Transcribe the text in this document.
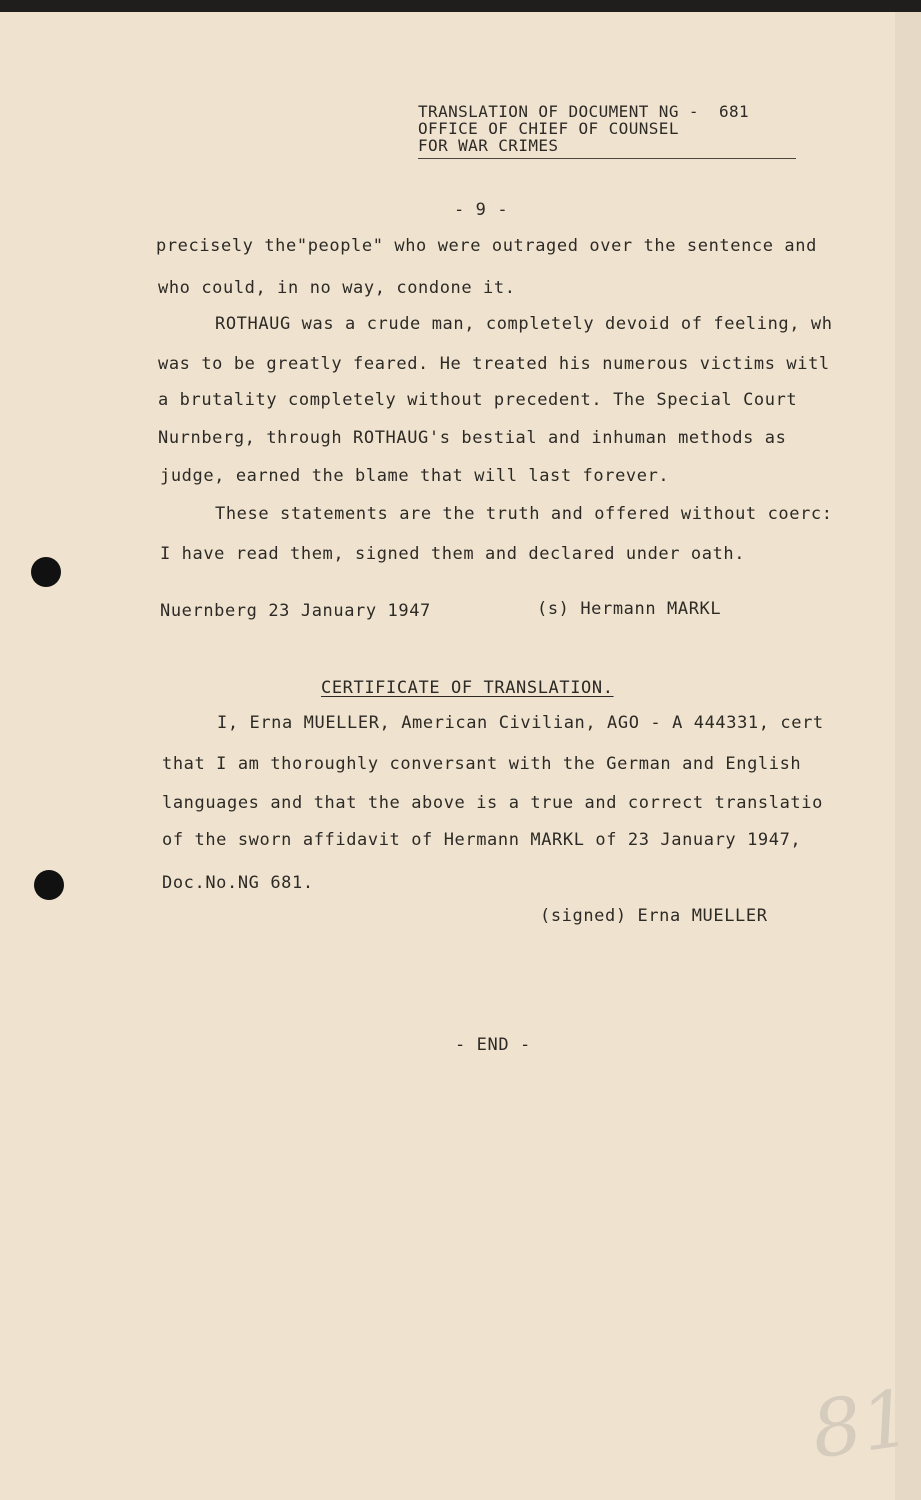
TRANSLATION OF DOCUMENT NG -  681
OFFICE OF CHIEF OF COUNSEL
FOR WAR CRIMES
- 9 -
precisely the"people" who were outraged over the sentence and
who could, in no way, condone it.
ROTHAUG was a crude man, completely devoid of feeling, wh
was to be greatly feared. He treated his numerous victims witl
a brutality completely without precedent. The Special Court
Nurnberg, through ROTHAUG's bestial and inhuman methods as
judge, earned the blame that will last forever.
These statements are the truth and offered without coerc:
I have read them, signed them and declared under oath.
Nuernberg 23 January 1947	(s) Hermann MARKL
CERTIFICATE OF TRANSLATION.
I, Erna MUELLER, American Civilian, AGO - A 444331, cert
that I am thoroughly conversant with the German and English
languages and that the above is a true and correct translatio
of the sworn affidavit of Hermann MARKL of 23 January 1947,
Doc.No.NG 681.
(signed) Erna MUELLER
- END -
81
